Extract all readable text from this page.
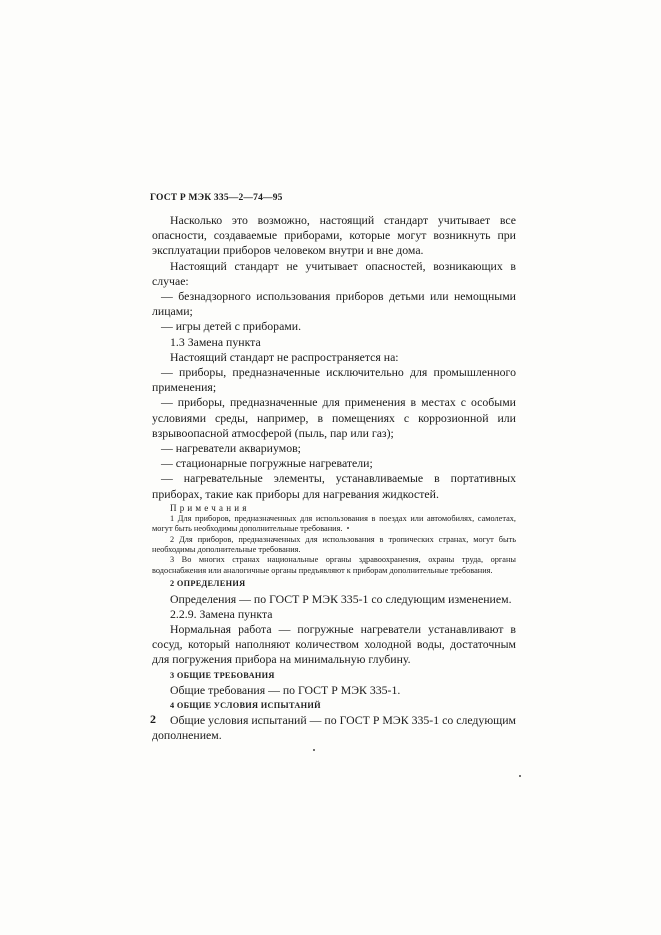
ГОСТ Р МЭК 335—2—74—95

Насколько это возможно, настоящий стандарт учитывает все опасности, создаваемые приборами, которые могут возникнуть при эксплуатации приборов человеком внутри и вне дома.

Настоящий стандарт не учитывает опасностей, возникающих в случае:

— безнадзорного использования приборов детьми или немощными лицами;

— игры детей с приборами.

1.3 Замена пункта

Настоящий стандарт не распространяется на:

— приборы, предназначенные исключительно для промышленного применения;

— приборы, предназначенные для применения в местах с особыми условиями среды, например, в помещениях с коррозионной или взрывоопасной атмосферой (пыль, пар или газ);

— нагреватели аквариумов;

— стационарные погружные нагреватели;

— нагревательные элементы, устанавливаемые в портативных приборах, такие как приборы для нагревания жидкостей.

Примечания

1 Для приборов, предназначенных для использования в поездах или автомобилях, самолетах, могут быть необходимы дополнительные требования.

2 Для приборов, предназначенных для использования в тропических странах, могут быть необходимы дополнительные требования.

3 Во многих странах национальные органы здравоохранения, охраны труда, органы водоснабжения или аналогичные органы предъявляют к приборам дополнительные требования.

2 ОПРЕДЕЛЕНИЯ

Определения — по ГОСТ Р МЭК 335-1 со следующим изменением.

2.2.9. Замена пункта

Нормальная работа — погружные нагреватели устанавливают в сосуд, который наполняют количеством холодной воды, достаточным для погружения прибора на минимальную глубину.

3 ОБЩИЕ ТРЕБОВАНИЯ

Общие требования — по ГОСТ Р МЭК 335-1.

4 ОБЩИЕ УСЛОВИЯ ИСПЫТАНИЙ

Общие условия испытаний — по ГОСТ Р МЭК 335-1 со следующим дополнением.

2
